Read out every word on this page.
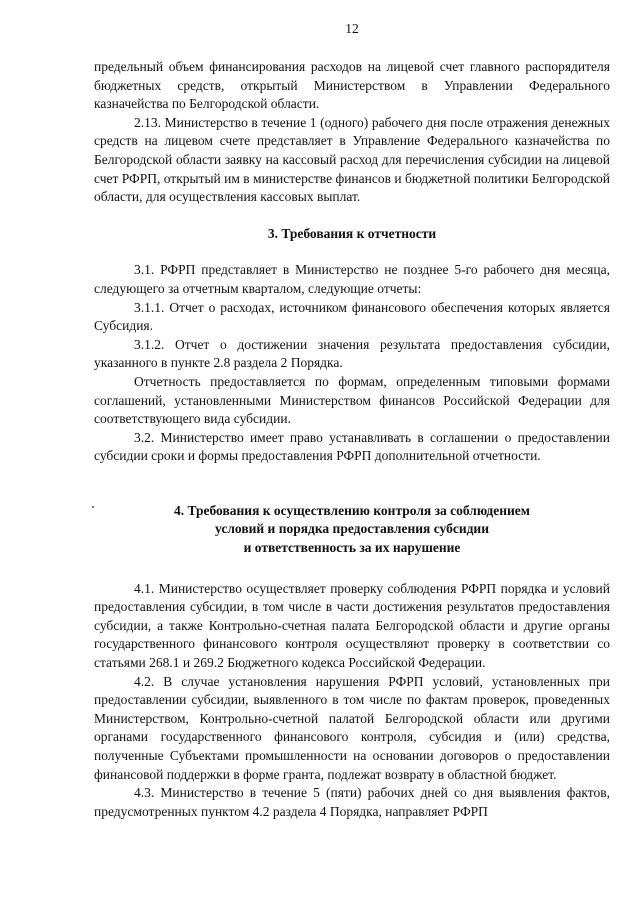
12

предельный объем финансирования расходов на лицевой счет главного распорядителя бюджетных средств, открытый Министерством в Управлении Федерального казначейства по Белгородской области.

2.13. Министерство в течение 1 (одного) рабочего дня после отражения денежных средств на лицевом счете представляет в Управление Федерального казначейства по Белгородской области заявку на кассовый расход для перечисления субсидии на лицевой счет РФРП, открытый им в министерстве финансов и бюджетной политики Белгородской области, для осуществления кассовых выплат.

3. Требования к отчетности

3.1. РФРП представляет в Министерство не позднее 5-го рабочего дня месяца, следующего за отчетным кварталом, следующие отчеты:

3.1.1. Отчет о расходах, источником финансового обеспечения которых является Субсидия.

3.1.2. Отчет о достижении значения результата предоставления субсидии, указанного в пункте 2.8 раздела 2 Порядка.

Отчетность предоставляется по формам, определенным типовыми формами соглашений, установленными Министерством финансов Российской Федерации для соответствующего вида субсидии.

3.2. Министерство имеет право устанавливать в соглашении о предоставлении субсидии сроки и формы предоставления РФРП дополнительной отчетности.

4. Требования к осуществлению контроля за соблюдением
условий и порядка предоставления субсидии
и ответственность за их нарушение

4.1. Министерство осуществляет проверку соблюдения РФРП порядка и условий предоставления субсидии, в том числе в части достижения результатов предоставления субсидии, а также Контрольно-счетная палата Белгородской области и другие органы государственного финансового контроля осуществляют проверку в соответствии со статьями 268.1 и 269.2 Бюджетного кодекса Российской Федерации.

4.2. В случае установления нарушения РФРП условий, установленных при предоставлении субсидии, выявленного в том числе по фактам проверок, проведенных Министерством, Контрольно-счетной палатой Белгородской области или другими органами государственного финансового контроля, субсидия и (или) средства, полученные Субъектами промышленности на основании договоров о предоставлении финансовой поддержки в форме гранта, подлежат возврату в областной бюджет.

4.3. Министерство в течение 5 (пяти) рабочих дней со дня выявления фактов, предусмотренных пунктом 4.2 раздела 4 Порядка, направляет РФРП
